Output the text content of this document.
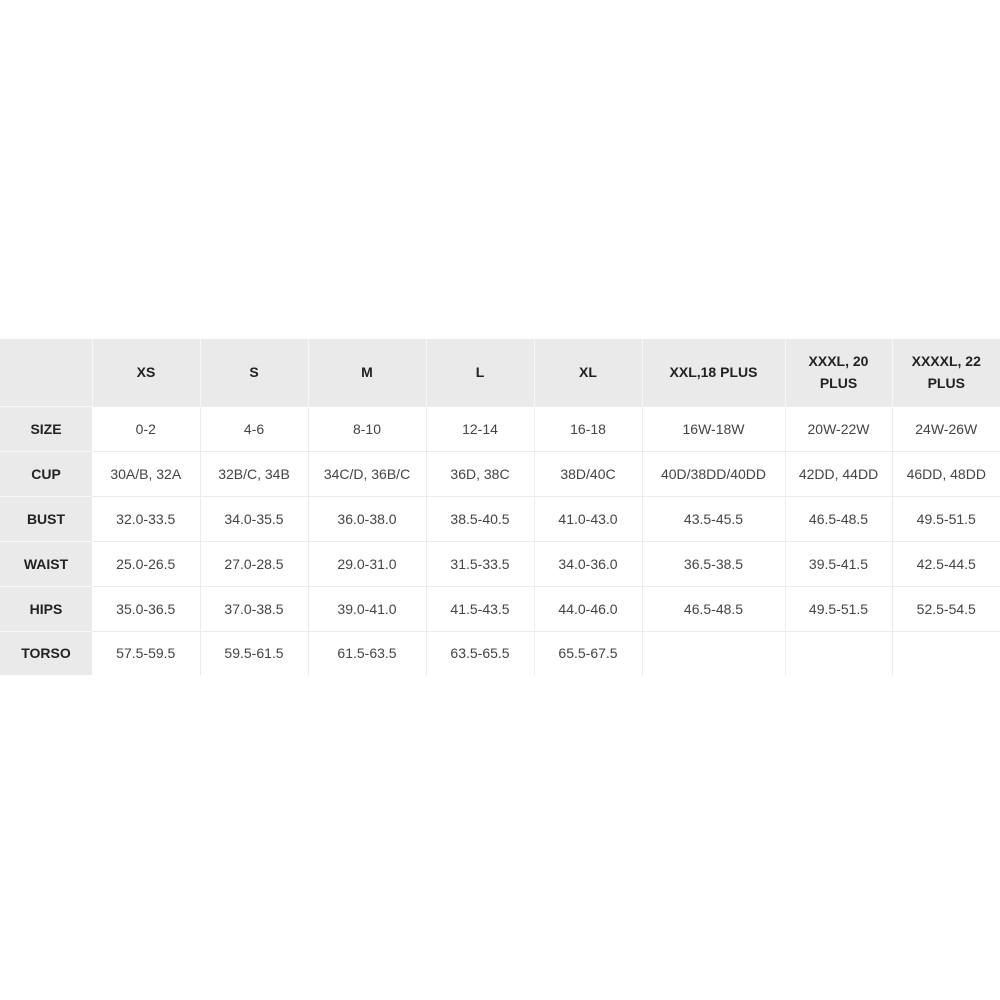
	XS	S	M	L	XL	XXL,18 PLUS	XXXL, 20 PLUS	XXXXL, 22 PLUS
SIZE	0-2	4-6	8-10	12-14	16-18	16W-18W	20W-22W	24W-26W
CUP	30A/B, 32A	32B/C, 34B	34C/D, 36B/C	36D, 38C	38D/40C	40D/38DD/40DD	42DD, 44DD	46DD, 48DD
BUST	32.0-33.5	34.0-35.5	36.0-38.0	38.5-40.5	41.0-43.0	43.5-45.5	46.5-48.5	49.5-51.5
WAIST	25.0-26.5	27.0-28.5	29.0-31.0	31.5-33.5	34.0-36.0	36.5-38.5	39.5-41.5	42.5-44.5
HIPS	35.0-36.5	37.0-38.5	39.0-41.0	41.5-43.5	44.0-46.0	46.5-48.5	49.5-51.5	52.5-54.5
TORSO	57.5-59.5	59.5-61.5	61.5-63.5	63.5-65.5	65.5-67.5			
